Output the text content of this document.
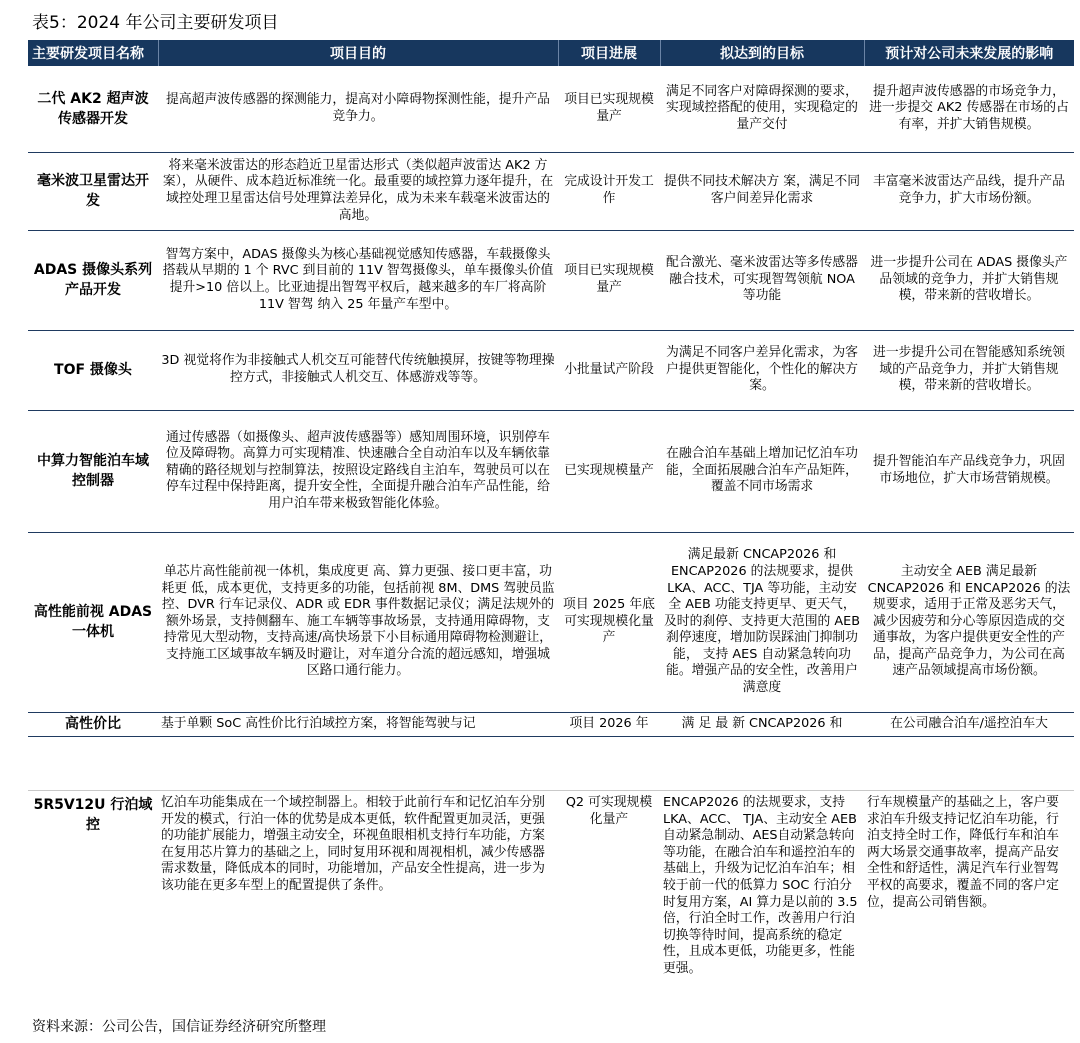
表5：2024 年公司主要研发项目
主要研发项目名称	项目目的	项目进展	拟达到的目标	预计对公司未来发展的影响
二代 AK2 超声波传感器开发	提高超声波传感器的探测能力，提高对小障碍物探测性能，提升产品竞争力。	项目已实现规模量产	满足不同客户对障碍探测的要求，实现域控搭配的使用，实现稳定的量产交付	提升超声波传感器的市场竞争力，进一步提交 AK2 传感器在市场的占有率，并扩大销售规模。
毫米波卫星雷达开发	将来毫米波雷达的形态趋近卫星雷达形式（类似超声波雷达 AK2 方案），从硬件、成本趋近标准统一化。最重要的域控算力逐年提升，在域控处理卫星雷达信号处理算法差异化，成为未来车载毫米波雷达的高地。	完成设计开发工作	提供不同技术解决方 案，满足不同客户间差异化需求	丰富毫米波雷达产品线，提升产品竞争力，扩大市场份额。
ADAS 摄像头系列产品开发	智驾方案中，ADAS 摄像头为核心基础视觉感知传感器，车载摄像头搭载从早期的 1 个 RVC 到目前的 11V 智驾摄像头，单车摄像头价值提升>10 倍以上。比亚迪提出智驾平权后，越来越多的车厂将高阶 11V 智驾 纳入 25 年量产车型中。	项目已实现规模量产	配合激光、毫米波雷达等多传感器融合技术，可实现智驾领航 NOA 等功能	进一步提升公司在 ADAS 摄像头产品领域的竞争力，并扩大销售规模，带来新的营收增长。
TOF 摄像头	3D 视觉将作为非接触式人机交互可能替代传统触摸屏，按键等物理操控方式，非接触式人机交互、体感游戏等等。	小批量试产阶段	为满足不同客户差异化需求，为客户提供更智能化，个性化的解决方案。	进一步提升公司在智能感知系统领域的产品竞争力，并扩大销售规模，带来新的营收增长。
中算力智能泊车域控制器	通过传感器（如摄像头、超声波传感器等）感知周围环境，识别停车位及障碍物。高算力可实现精准、快速融合全自动泊车以及车辆依靠精确的路径规划与控制算法，按照设定路线自主泊车，驾驶员可以在停车过程中保持距离，提升安全性，全面提升融合泊车产品性能，给用户泊车带来极致智能化体验。	已实现规模量产	在融合泊车基础上增加记忆泊车功能，全面拓展融合泊车产品矩阵，覆盖不同市场需求	提升智能泊车产品线竞争力，巩固市场地位，扩大市场营销规模。
高性能前视 ADAS 一体机	单芯片高性能前视一体机，集成度更 高、算力更强、接口更丰富，功耗更 低，成本更优，支持更多的功能，包括前视 8M、DMS 驾驶员监控、DVR 行车记录仪、ADR 或 EDR 事件数据记录仪；满足法规外的额外场景，支持侧翻车、施工车辆等事故场景，支持通用障碍物，支持常见大型动物，支持高速/高快场景下小目标通用障碍物检测避让，支持施工区域事故车辆及时避让，对车道分合流的超远感知，增强城区路口通行能力。	项目 2025 年底可实现规模化量产	满足最新 CNCAP2026 和 ENCAP2026 的法规要求，提供 LKA、ACC、TJA 等功能，主动安全 AEB 功能支持更早、更天气，及时的刹停、支持更大范围的 AEB 刹停速度，增加防误踩油门抑制功能， 支持 AES 自动紧急转向功能。增强产品的安全性，改善用户满意度	主动安全 AEB 满足最新 CNCAP2026 和 ENCAP2026 的法规要求，适用于正常及恶劣天气，减少因疲劳和分心等原因造成的交通事故，为客户提供更安全性的产品，提高产品竞争力，为公司在高速产品领域提高市场份额。
高性价比	基于单颗 SoC 高性价比行泊域控方案，将智能驾驶与记	项目 2026 年	满 足 最 新 CNCAP2026 和	在公司融合泊车/遥控泊车大
5R5V12U 行泊域控	忆泊车功能集成在一个域控制器上。相较于此前行车和记忆泊车分别开发的模式，行泊一体的优势是成本更低，软件配置更加灵活，更强的功能扩展能力，增强主动安全，环视鱼眼相机支持行车功能，方案在复用芯片算力的基础之上，同时复用环视和周视相机，减少传感器需求数量，降低成本的同时，功能增加，产品安全性提高，进一步为该功能在更多车型上的配置提供了条件。	Q2 可实现规模化量产	ENCAP2026 的法规要求，支持 LKA、ACC、 TJA、主动安全 AEB 自动紧急制动、AES自动紧急转向等功能，在融合泊车和遥控泊车的基础上，升级为记忆泊车泊车；相较于前一代的低算力 SOC 行泊分时复用方案，AI 算力是以前的 3.5 倍，行泊全时工作，改善用户行泊切换等待时间，提高系统的稳定性，且成本更低，功能更多，性能更强。	行车规模量产的基础之上，客户要求泊车升级支持记忆泊车功能，行泊支持全时工作，降低行车和泊车两大场景交通事故率，提高产品安全性和舒适性，满足汽车行业智驾平权的高要求，覆盖不同的客户定位，提高公司销售额。
资料来源：公司公告，国信证券经济研究所整理
